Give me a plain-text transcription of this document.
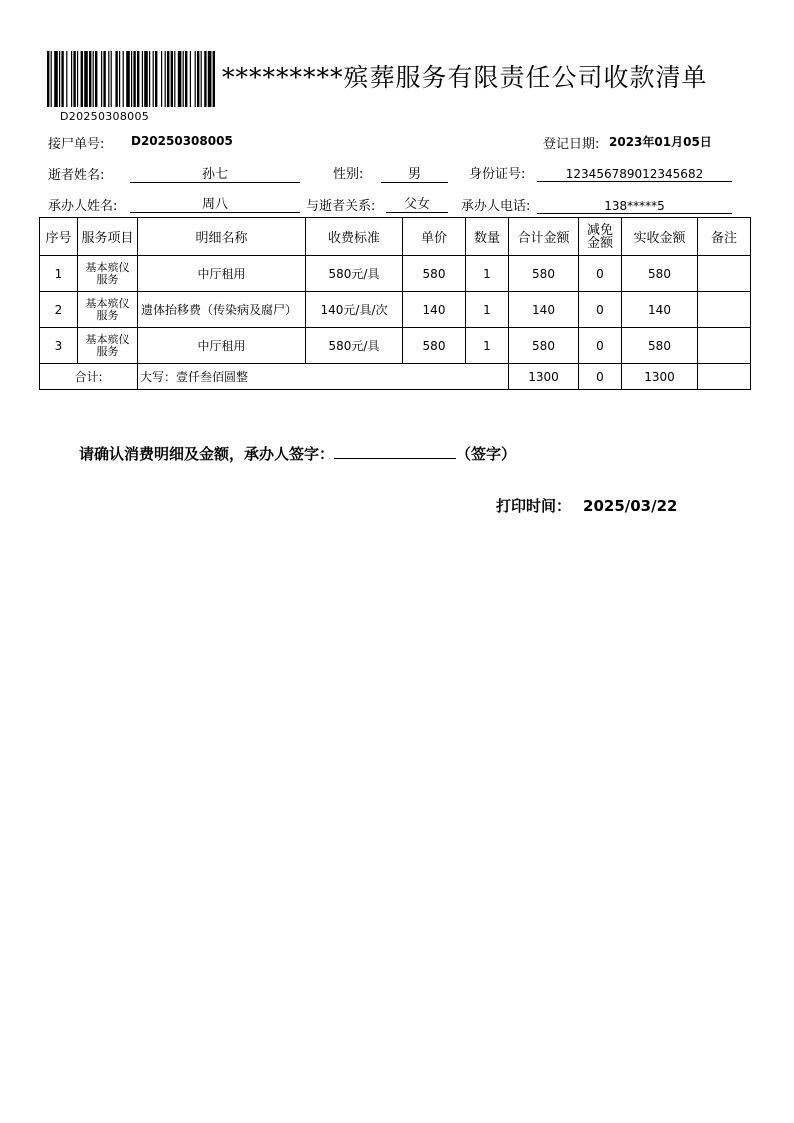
D20250308005
*********殡葬服务有限责任公司收款清单
接尸单号: D20250308005	登记日期: 2023年01月05日
逝者姓名:	孙七	性别:	男	身份证号:	123456789012345682
承办人姓名:	周八	与逝者关系:	父女	承办人电话:	138*****5
序号	服务项目	明细名称	收费标准	单价	数量	合计金额	减免金额	实收金额	备注
1	基本殡仪服务	中厅租用	580元/具	580	1	580	0	580	
2	基本殡仪服务	遗体抬移费（传染病及腐尸）	140元/具/次	140	1	140	0	140	
3	基本殡仪服务	中厅租用	580元/具	580	1	580	0	580	
合计:		大写：壹仟叁佰圆整				1300	0	1300	
请确认消费明细及金额，承办人签字：	（签字）
打印时间： 2025/03/22
